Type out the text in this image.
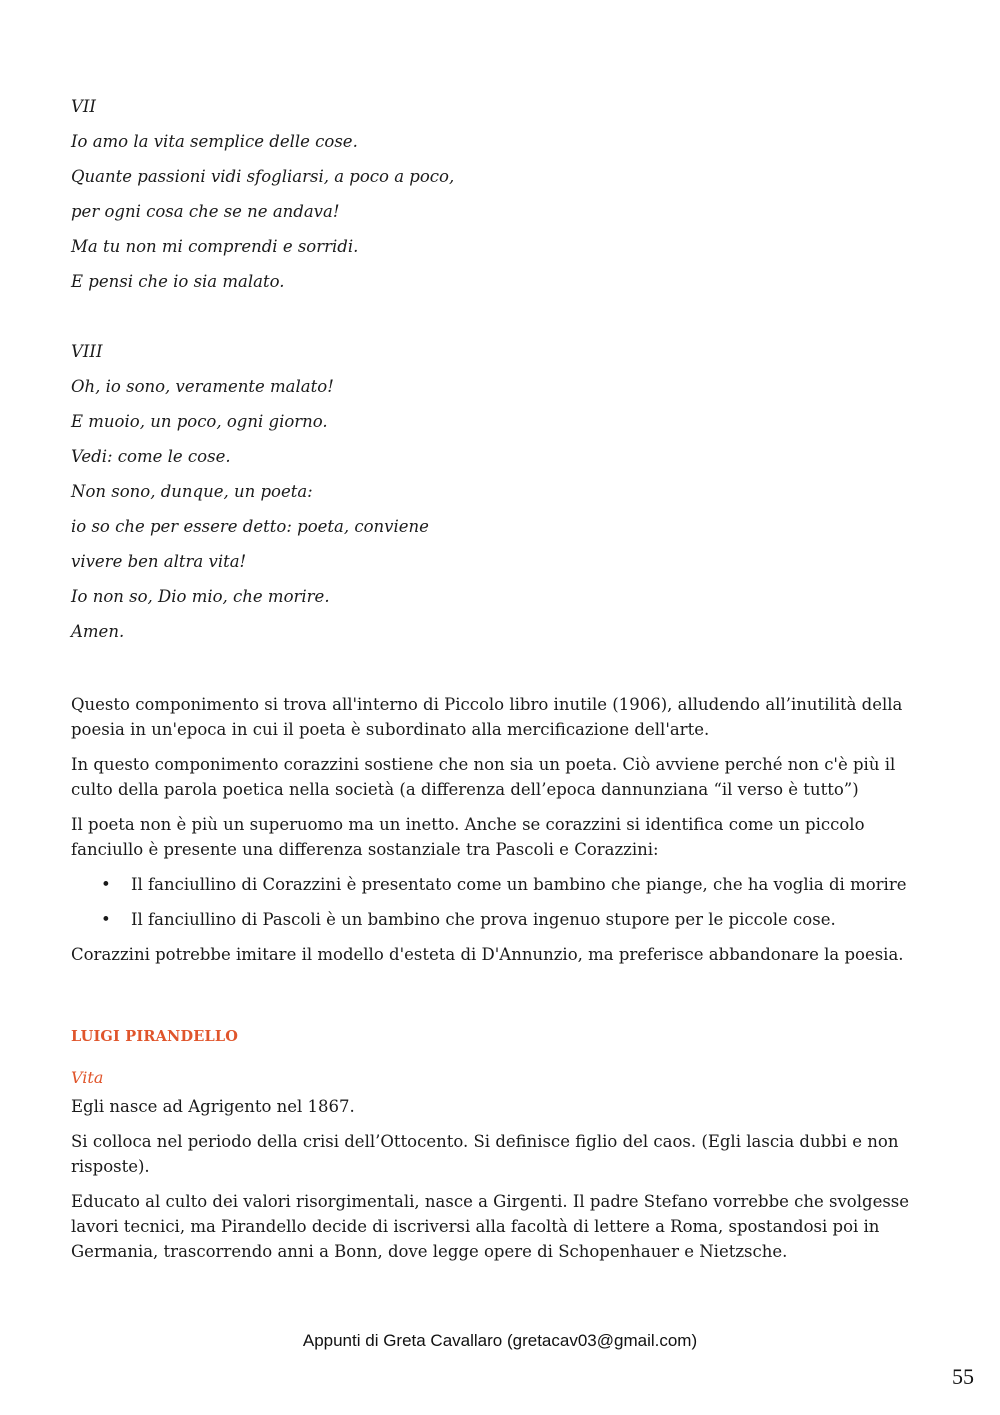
VII
Io amo la vita semplice delle cose.
Quante passioni vidi sfogliarsi, a poco a poco,
per ogni cosa che se ne andava!
Ma tu non mi comprendi e sorridi.
E pensi che io sia malato.
VIII
Oh, io sono, veramente malato!
E muoio, un poco, ogni giorno.
Vedi: come le cose.
Non sono, dunque, un poeta:
io so che per essere detto: poeta, conviene
vivere ben altra vita!
Io non so, Dio mio, che morire.
Amen.

Questo componimento si trova all'interno di Piccolo libro inutile (1906), alludendo all’inutilità della poesia in un'epoca in cui il poeta è subordinato alla mercificazione dell'arte.

In questo componimento corazzini sostiene che non sia un poeta. Ciò avviene perché non c'è più il culto della parola poetica nella società (a differenza dell’epoca dannunziana “il verso è tutto”)

Il poeta non è più un superuomo ma un inetto. Anche se corazzini si identifica come un piccolo fanciullo è presente una differenza sostanziale tra Pascoli e Corazzini:

• Il fanciullino di Corazzini è presentato come un bambino che piange, che ha voglia di morire
• Il fanciullino di Pascoli è un bambino che prova ingenuo stupore per le piccole cose.

Corazzini potrebbe imitare il modello d'esteta di D'Annunzio, ma preferisce abbandonare la poesia.

LUIGI PIRANDELLO
Vita

Egli nasce ad Agrigento nel 1867.

Si colloca nel periodo della crisi dell’Ottocento. Si definisce figlio del caos. (Egli lascia dubbi e non risposte).

Educato al culto dei valori risorgimentali, nasce a Girgenti. Il padre Stefano vorrebbe che svolgesse lavori tecnici, ma Pirandello decide di iscriversi alla facoltà di lettere a Roma, spostandosi poi in Germania, trascorrendo anni a Bonn, dove legge opere di Schopenhauer e Nietzsche.

Appunti di Greta Cavallaro (gretacav03@gmail.com)
55
